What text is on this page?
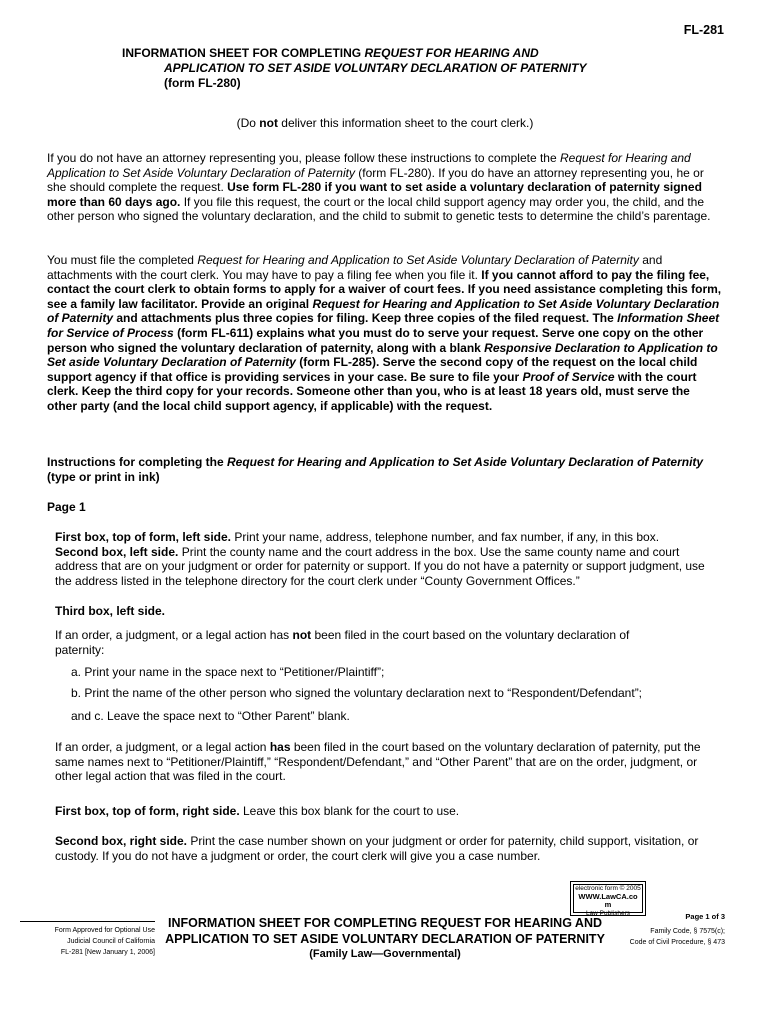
FL-281
INFORMATION SHEET FOR COMPLETING REQUEST FOR HEARING AND
APPLICATION TO SET ASIDE VOLUNTARY DECLARATION OF PATERNITY
(form FL-280)
(Do not deliver this information sheet to the court clerk.)

If you do not have an attorney representing you, please follow these instructions to complete the Request for Hearing and Application to Set Aside Voluntary Declaration of Paternity (form FL-280). If you do have an attorney representing you, he or she should complete the request. Use form FL-280 if you want to set aside a voluntary declaration of paternity signed more than 60 days ago. If you file this request, the court or the local child support agency may order you, the child, and the other person who signed the voluntary declaration, and the child to submit to genetic tests to determine the child’s parentage.

You must file the completed Request for Hearing and Application to Set Aside Voluntary Declaration of Paternity and attachments with the court clerk. You may have to pay a filing fee when you file it. If you cannot afford to pay the filing fee, contact the court clerk to obtain forms to apply for a waiver of court fees. If you need assistance completing this form, see a family law facilitator. Provide an original Request for Hearing and Application to Set Aside Voluntary Declaration of Paternity and attachments plus three copies for filing. Keep three copies of the filed request. The Information Sheet for Service of Process (form FL-611) explains what you must do to serve your request. Serve one copy on the other person who signed the voluntary declaration of paternity, along with a blank Responsive Declaration to Application to Set aside Voluntary Declaration of Paternity (form FL-285). Serve the second copy of the request on the local child support agency if that office is providing services in your case. Be sure to file your Proof of Service with the court clerk. Keep the third copy for your records. Someone other than you, who is at least 18 years old, must serve the other party (and the local child support agency, if applicable) with the request.

Instructions for completing the Request for Hearing and Application to Set Aside Voluntary Declaration of Paternity (type or print in ink)

Page 1

First box, top of form, left side. Print your name, address, telephone number, and fax number, if any, in this box.
Second box, left side. Print the county name and the court address in the box. Use the same county name and court address that are on your judgment or order for paternity or support. If you do not have a paternity or support judgment, use the address listed in the telephone directory for the court clerk under “County Government Offices.”

Third box, left side.

If an order, a judgment, or a legal action has not been filed in the court based on the voluntary declaration of paternity:

a. Print your name in the space next to “Petitioner/Plaintiff”;

b. Print the name of the other person who signed the voluntary declaration next to “Respondent/Defendant”;

and c. Leave the space next to “Other Parent” blank.

If an order, a judgment, or a legal action has been filed in the court based on the voluntary declaration of paternity, put the same names next to “Petitioner/Plaintiff,” “Respondent/Defendant,” and “Other Parent” that are on the order, judgment, or other legal action that was filed in the court.

First box, top of form, right side. Leave this box blank for the court to use.

Second box, right side. Print the case number shown on your judgment or order for paternity, child support, visitation, or custody. If you do not have a judgment or order, the court clerk will give you a case number.

electronic form © 2005
WWW.LawCA.co
m
Law Publishers
Form Approved for Optional Use
Judicial Council of California
FL-281 [New January 1, 2006]
INFORMATION SHEET FOR COMPLETING REQUEST FOR HEARING AND
APPLICATION TO SET ASIDE VOLUNTARY DECLARATION OF PATERNITY
(Family Law—Governmental)
Page 1 of 3
Family Code, § 7575(c);
Code of Civil Procedure, § 473
